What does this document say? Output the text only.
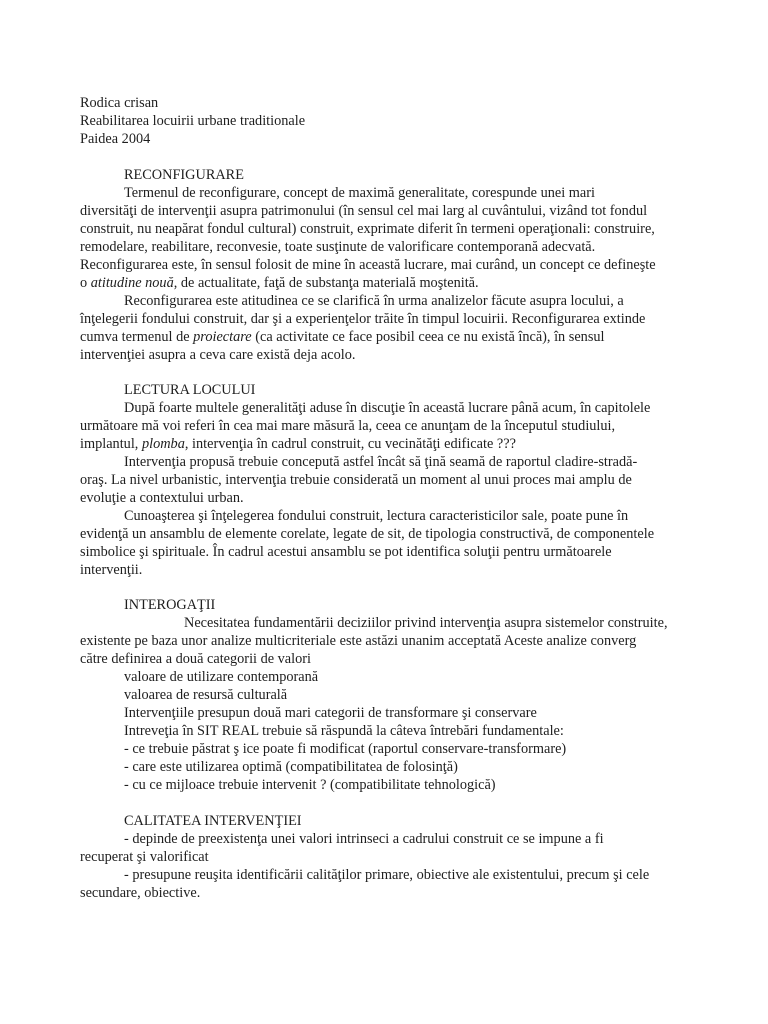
Rodica crisan
Reabilitarea locuirii urbane traditionale
Paidea 2004
RECONFIGURARE
Termenul de reconfigurare, concept de maximă generalitate, corespunde unei mari
diversităţi de intervenţii asupra patrimonului (în sensul cel mai larg al cuvântului, vizând tot fondul
construit, nu neapărat fondul cultural) construit, exprimate diferit în termeni operaţionali: construire,
remodelare, reabilitare, reconvesie, toate susţinute de valorificare contemporană adecvată.
Reconfigurarea este, în sensul folosit de mine în această lucrare, mai curând, un concept ce defineşte
o atitudine nouă, de actualitate, faţă de substanţa materială moştenită.
Reconfigurarea este atitudinea ce se clarifică în urma analizelor făcute asupra locului, a
înţelegerii fondului construit, dar şi a experienţelor trăite în timpul locuirii. Reconfigurarea extinde
cumva termenul de proiectare (ca activitate ce face posibil ceea ce nu există încă), în sensul
intervenţiei asupra a ceva care există deja acolo.
LECTURA LOCULUI
După foarte multele generalităţi aduse în discuţie în această lucrare până acum, în capitolele
următoare mă voi referi în cea mai mare măsură la, ceea ce anunţam de la începutul studiului,
implantul, plomba, intervenţia în cadrul construit, cu vecinătăţi edificate ???
Intervenţia propusă trebuie concepută astfel încât să ţină seamă de raportul cladire-stradă-
oraş. La nivel urbanistic, intervenţia trebuie considerată un moment al unui proces mai amplu de
evoluţie a contextului urban.
Cunoaşterea şi înţelegerea fondului construit, lectura caracteristicilor sale, poate pune în
evidenţă un ansamblu de elemente corelate, legate de sit, de tipologia constructivă, de componentele
simbolice şi spirituale. În cadrul acestui ansamblu se pot identifica soluţii pentru următoarele
intervenţii.
INTEROGAŢII
Necesitatea fundamentării deciziilor privind intervenţia asupra sistemelor construite,
existente pe baza unor analize multicriteriale este astăzi unanim acceptată Aceste analize converg
către definirea a două categorii de valori
valoare de utilizare contemporană
valoarea de resursă culturală
Intervenţiile presupun două mari categorii de transformare şi conservare
Intreveţia în SIT REAL trebuie să răspundă la câteva întrebări fundamentale:
- ce trebuie păstrat ş ice poate fi modificat (raportul conservare-transformare)
- care este utilizarea optimă (compatibilitatea de folosinţă)
- cu ce mijloace trebuie intervenit ? (compatibilitate tehnologică)
CALITATEA INTERVENŢIEI
- depinde de preexistenţa unei valori intrinseci a cadrului construit ce se impune a fi
recuperat şi valorificat
- presupune reuşita identificării calităţilor primare, obiective ale existentului, precum şi cele
secundare, obiective.
